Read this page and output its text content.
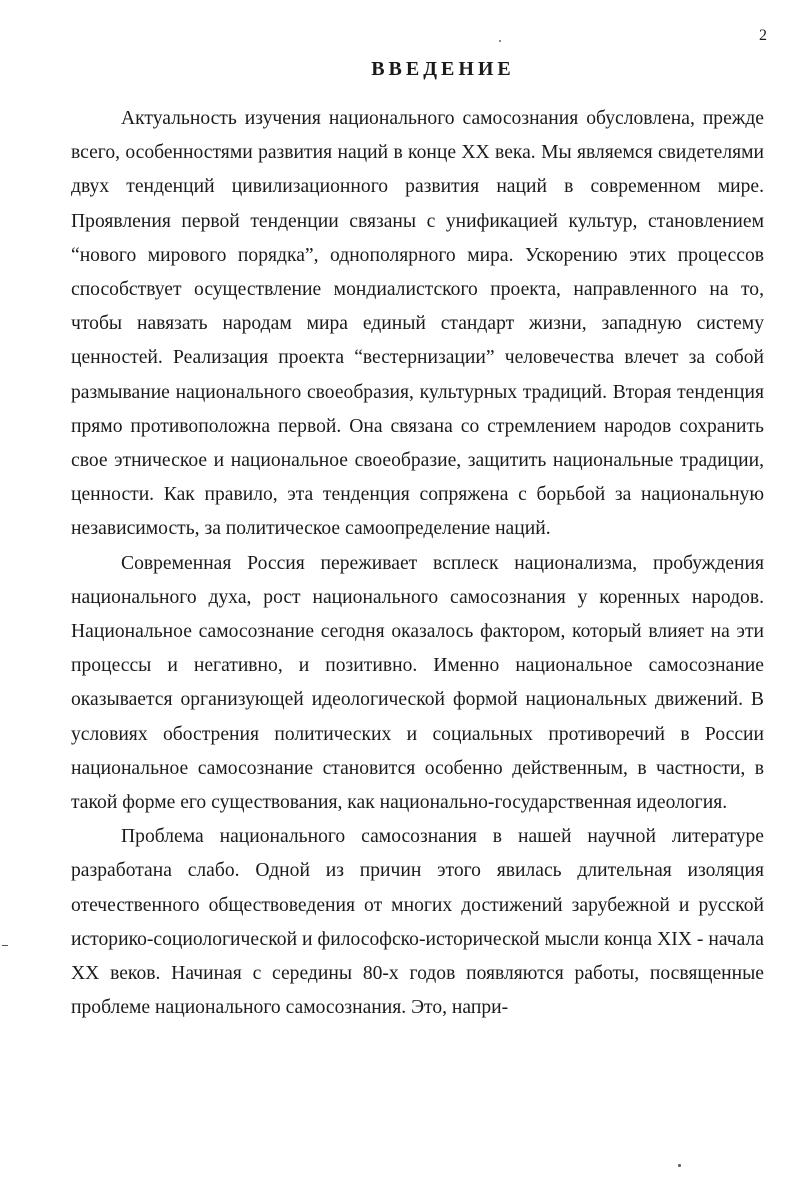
2
ВВЕДЕНИЕ

Актуальность изучения национального самосознания обусловлена, прежде всего, особенностями развития наций в конце XX века. Мы являемся свидетелями двух тенденций цивилизационного развития наций в современном мире. Проявления первой тенденции связаны с унификацией культур, становлением “нового мирового порядка”, однополярного мира. Ускорению этих процессов способствует осуществление мондиалистского проекта, направленного на то, чтобы навязать народам мира единый стандарт жизни, западную систему ценностей. Реализация проекта “вестернизации” человечества влечет за собой размывание национального своеобразия, культурных традиций. Вторая тенденция прямо противоположна первой. Она связана со стремлением народов сохранить свое этническое и национальное своеобразие, защитить национальные традиции, ценности. Как правило, эта тенденция сопряжена с борьбой за национальную независимость, за политическое самоопределение наций.

Современная Россия переживает всплеск национализма, пробуждения национального духа, рост национального самосознания у коренных народов. Национальное самосознание сегодня оказалось фактором, который влияет на эти процессы и негативно, и позитивно. Именно национальное самосознание оказывается организующей идеологической формой национальных движений. В условиях обострения политических и социальных противоречий в России национальное самосознание становится особенно действенным, в частности, в такой форме его существования, как национально-государственная идеология.

Проблема национального самосознания в нашей научной литературе разработана слабо. Одной из причин этого явилась длительная изоляция отечественного обществоведения от многих достижений зарубежной и русской историко-социологической и философско-исторической мысли конца XIX - начала XX веков. Начиная с середины 80-х годов появляются работы, посвященные проблеме национального самосознания. Это, напри-
